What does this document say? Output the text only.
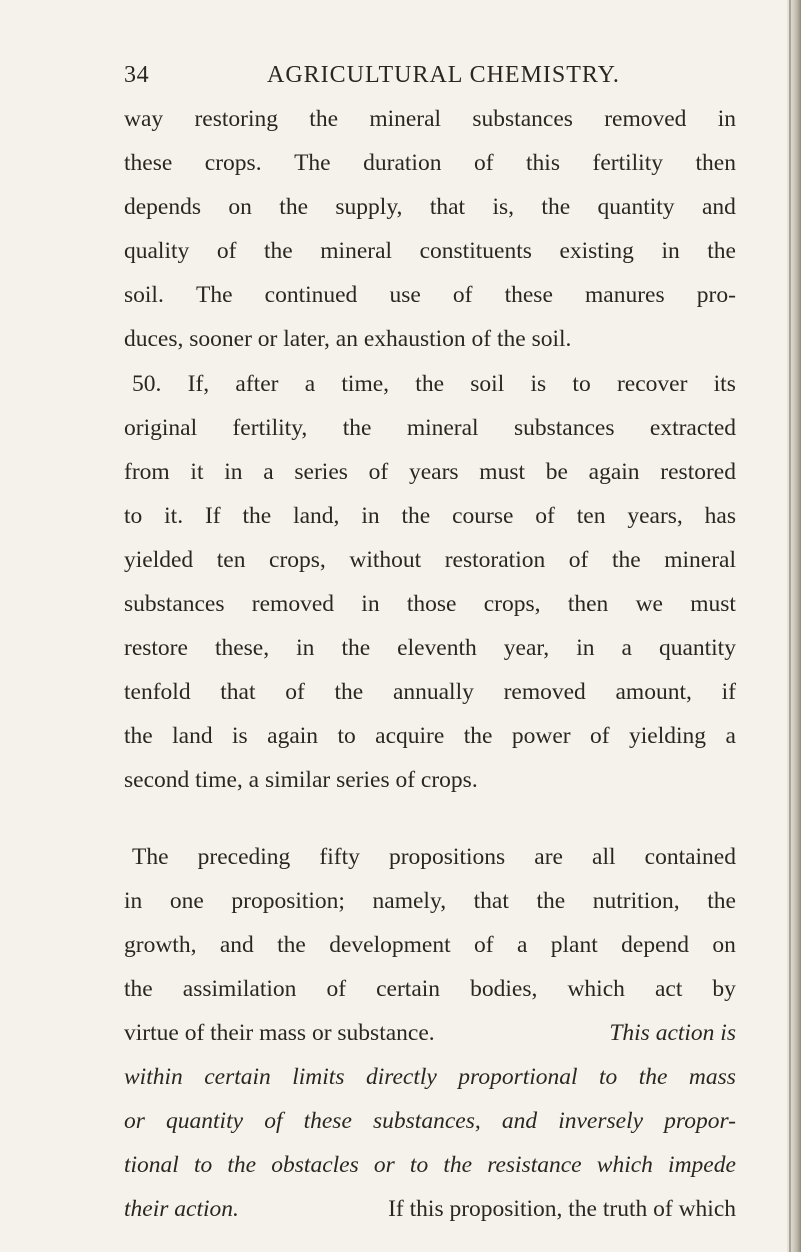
34	AGRICULTURAL CHEMISTRY.
way restoring the mineral substances removed in
these crops. The duration of this fertility then
depends on the supply, that is, the quantity and
quality of the mineral constituents existing in the
soil. The continued use of these manures pro-
duces, sooner or later, an exhaustion of the soil.
50. If, after a time, the soil is to recover its
original fertility, the mineral substances extracted
from it in a series of years must be again restored
to it. If the land, in the course of ten years, has
yielded ten crops, without restoration of the mineral
substances removed in those crops, then we must
restore these, in the eleventh year, in a quantity
tenfold that of the annually removed amount, if
the land is again to acquire the power of yielding a
second time, a similar series of crops.
The preceding fifty propositions are all contained
in one proposition; namely, that the nutrition, the
growth, and the development of a plant depend on
the assimilation of certain bodies, which act by
virtue of their mass or substance.	This action is
within certain limits directly proportional to the mass
or quantity of these substances, and inversely propor-
tional to the obstacles or to the resistance which impede
their action.	If this proposition, the truth of which
